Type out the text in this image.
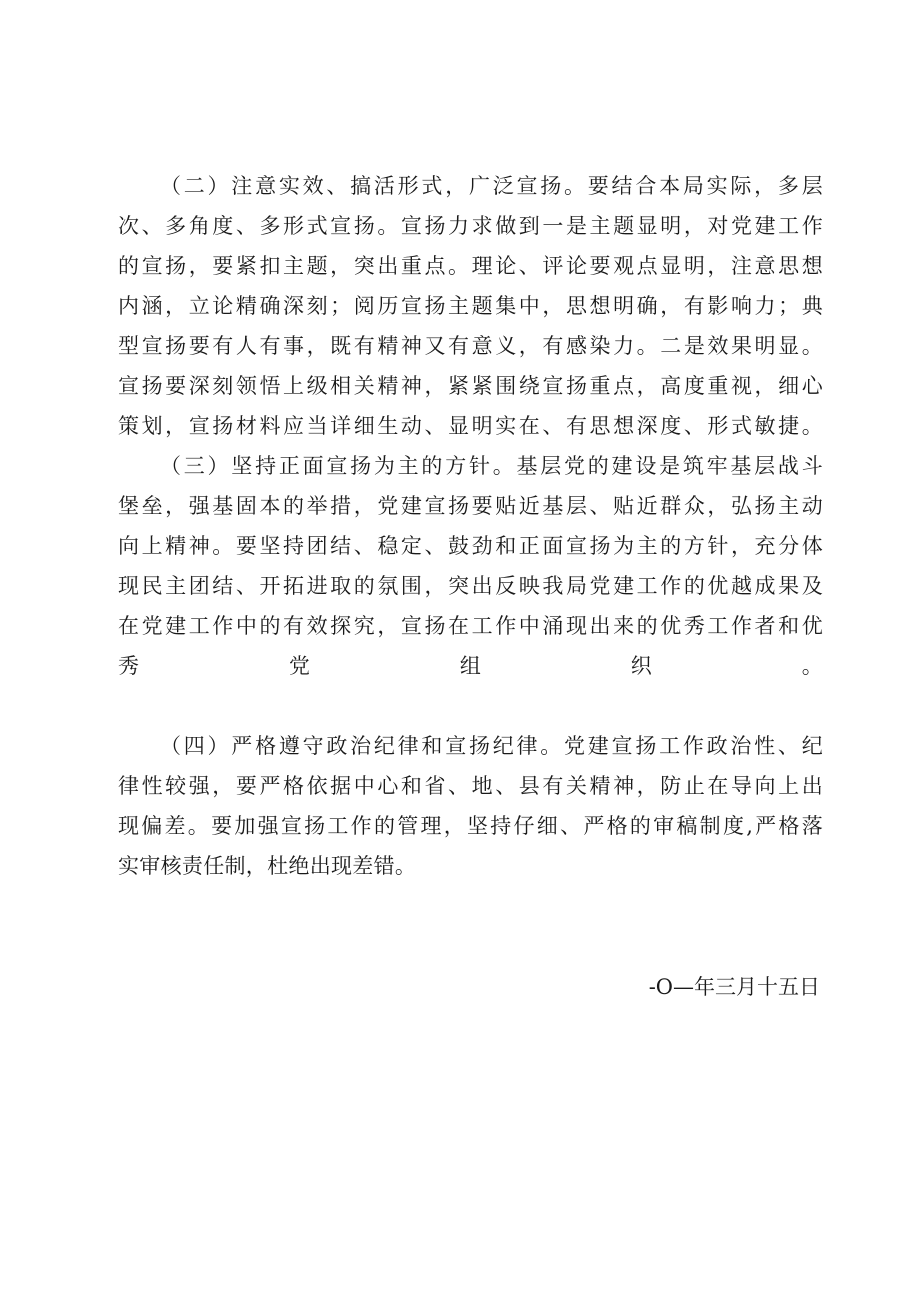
（二）注意实效、搞活形式，广泛宣扬。要结合本局实际，多层
次、多角度、多形式宣扬。宣扬力求做到一是主题显明，对党建工作
的宣扬，要紧扣主题，突出重点。理论、评论要观点显明，注意思想
内涵，立论精确深刻；阅历宣扬主题集中，思想明确，有影响力；典
型宣扬要有人有事，既有精神又有意义，有感染力。二是效果明显。
宣扬要深刻领悟上级相关精神，紧紧围绕宣扬重点，高度重视，细心
策划，宣扬材料应当详细生动、显明实在、有思想深度、形式敏捷。
（三）坚持正面宣扬为主的方针。基层党的建设是筑牢基层战斗
堡垒，强基固本的举措，党建宣扬要贴近基层、贴近群众，弘扬主动
向上精神。要坚持团结、稳定、鼓劲和正面宣扬为主的方针，充分体
现民主团结、开拓进取的氛围，突出反映我局党建工作的优越成果及
在党建工作中的有效探究，宣扬在工作中涌现出来的优秀工作者和优
秀党组织。
（四）严格遵守政治纪律和宣扬纪律。党建宣扬工作政治性、纪
律性较强，要严格依据中心和省、地、县有关精神，防止在导向上出
现偏差。要加强宣扬工作的管理，坚持仔细、严格的审稿制度,严格落
实审核责任制，杜绝出现差错。
-O—年三月十五日
